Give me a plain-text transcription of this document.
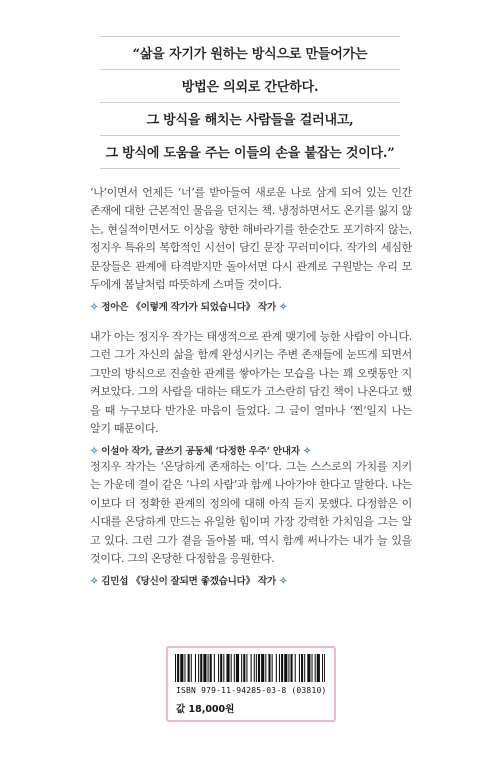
“삶을 자기가 원하는 방식으로 만들어가는
방법은 의외로 간단하다.
그 방식을 해치는 사람들을 걸러내고,
그 방식에 도움을 주는 이들의 손을 붙잡는 것이다.”

‘나’이면서 언제든 ‘너’를 받아들여 새로운 나로 삼게 되어 있는 인간 존재에 대한 근본적인 물음을 던지는 책. 냉정하면서도 온기를 잃지 않는, 현실적이면서도 이상을 향한 해바라기를 한순간도 포기하지 않는, 정지우 특유의 복합적인 시선이 담긴 문장 꾸러미이다. 작가의 세심한 문장들은 관계에 타격받지만 돌아서면 다시 관계로 구원받는 우리 모두에게 봄날처럼 따뜻하게 스며들 것이다.

✧ 정아은 《이렇게 작가가 되었습니다》 작가 ✧

내가 아는 정지우 작가는 태생적으로 관계 맺기에 능한 사람이 아니다. 그런 그가 자신의 삶을 함께 완성시키는 주변 존재들에 눈뜨게 되면서 그만의 방식으로 진솔한 관계를 쌓아가는 모습을 나는 꽤 오랫동안 지켜보았다. 그의 사람을 대하는 태도가 고스란히 담긴 책이 나온다고 했을 때 누구보다 반가운 마음이 들었다. 그 글이 얼마나 ‘찐’일지 나는 알기 때문이다.

✧ 이설아 작가, 글쓰기 공동체 ‘다정한 우주’ 안내자 ✧

정지우 작가는 ‘온당하게 존재하는 이’다. 그는 스스로의 가치를 지키는 가운데 결이 같은 ‘나의 사람’과 함께 나아가야 한다고 말한다. 나는 이보다 더 정확한 관계의 정의에 대해 아직 듣지 못했다. 다정함은 이 시대를 온당하게 만드는 유일한 힘이며 가장 강력한 가치임을 그는 알고 있다. 그런 그가 곁을 돌아볼 때, 역시 함께 써나가는 내가 늘 있을 것이다. 그의 온당한 다정함을 응원한다.

✧ 김민섭 《당신이 잘되면 좋겠습니다》 작가 ✧
ISBN 979-11-94285-03-8 (03810)
값 18,000원
